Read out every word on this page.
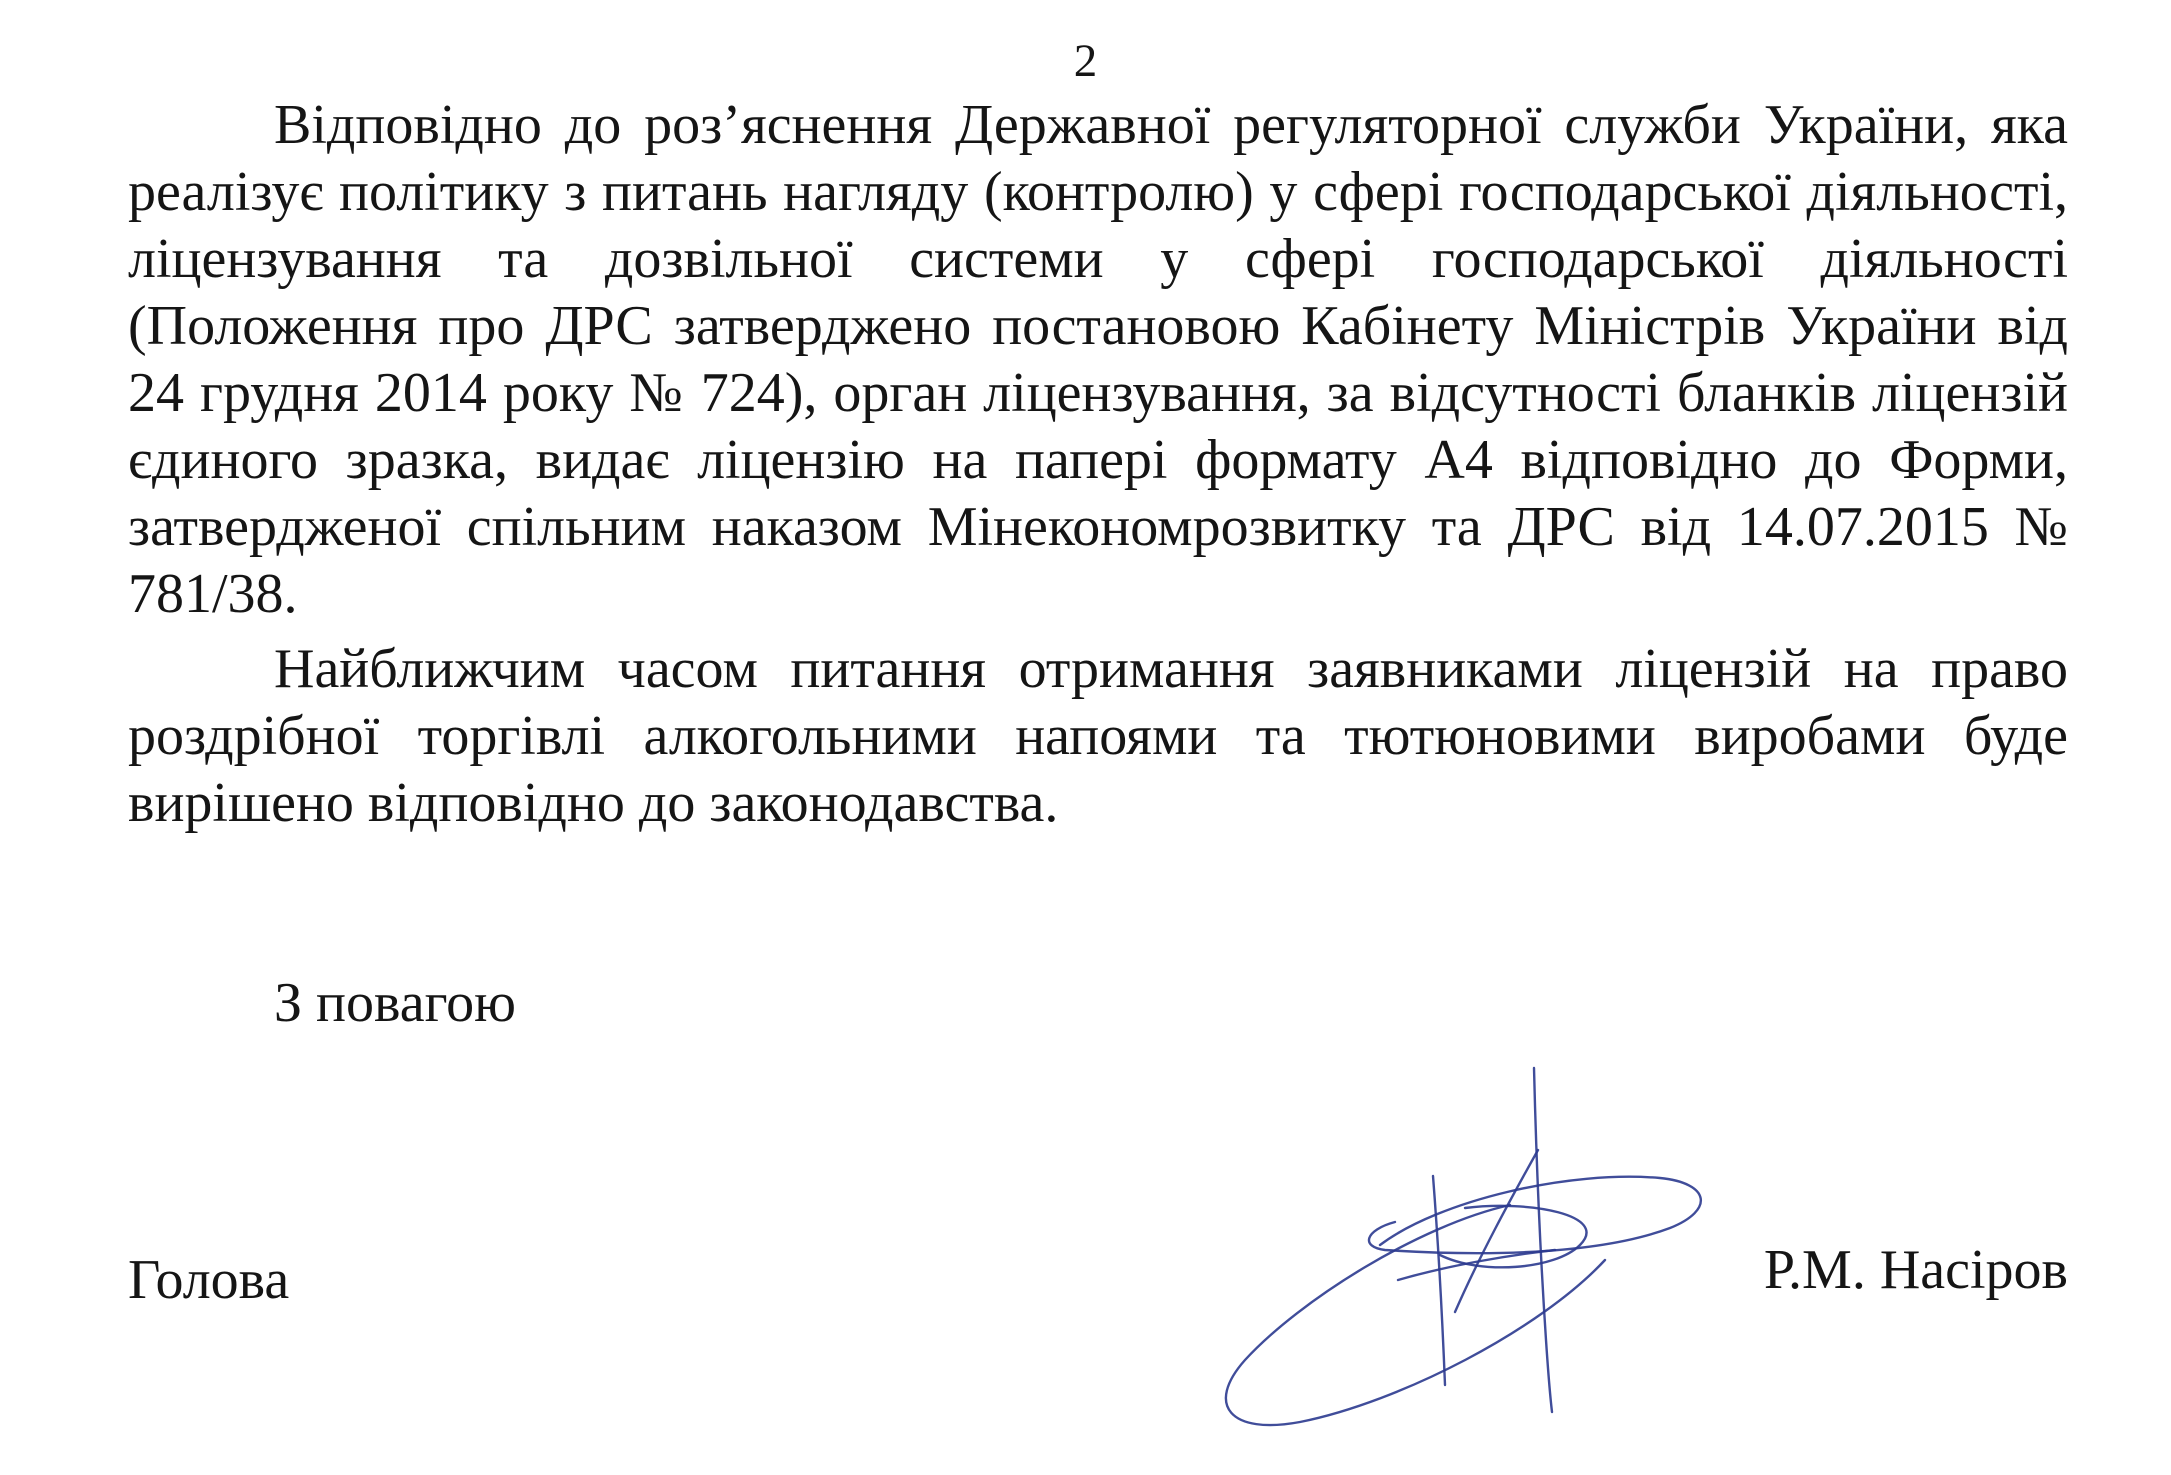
2

Відповідно до роз’яснення Державної регуляторної служби України, яка реалізує політику з питань нагляду (контролю) у сфері господарської діяльності, ліцензування та дозвільної системи у сфері господарської діяльності (Положення про ДРС затверджено постановою Кабінету Міністрів України від 24 грудня 2014 року № 724), орган ліцензування, за відсутності бланків ліцензій єдиного зразка, видає ліцензію на папері формату А4 відповідно до Форми, затвердженої спільним наказом Мінекономрозвитку та ДРС від 14.07.2015 № 781/38.

Найближчим часом питання отримання заявниками ліцензій на право роздрібної торгівлі алкогольними напоями та тютюновими виробами буде вирішено відповідно до законодавства.

З повагою
Голова	Р.М. Насіров
